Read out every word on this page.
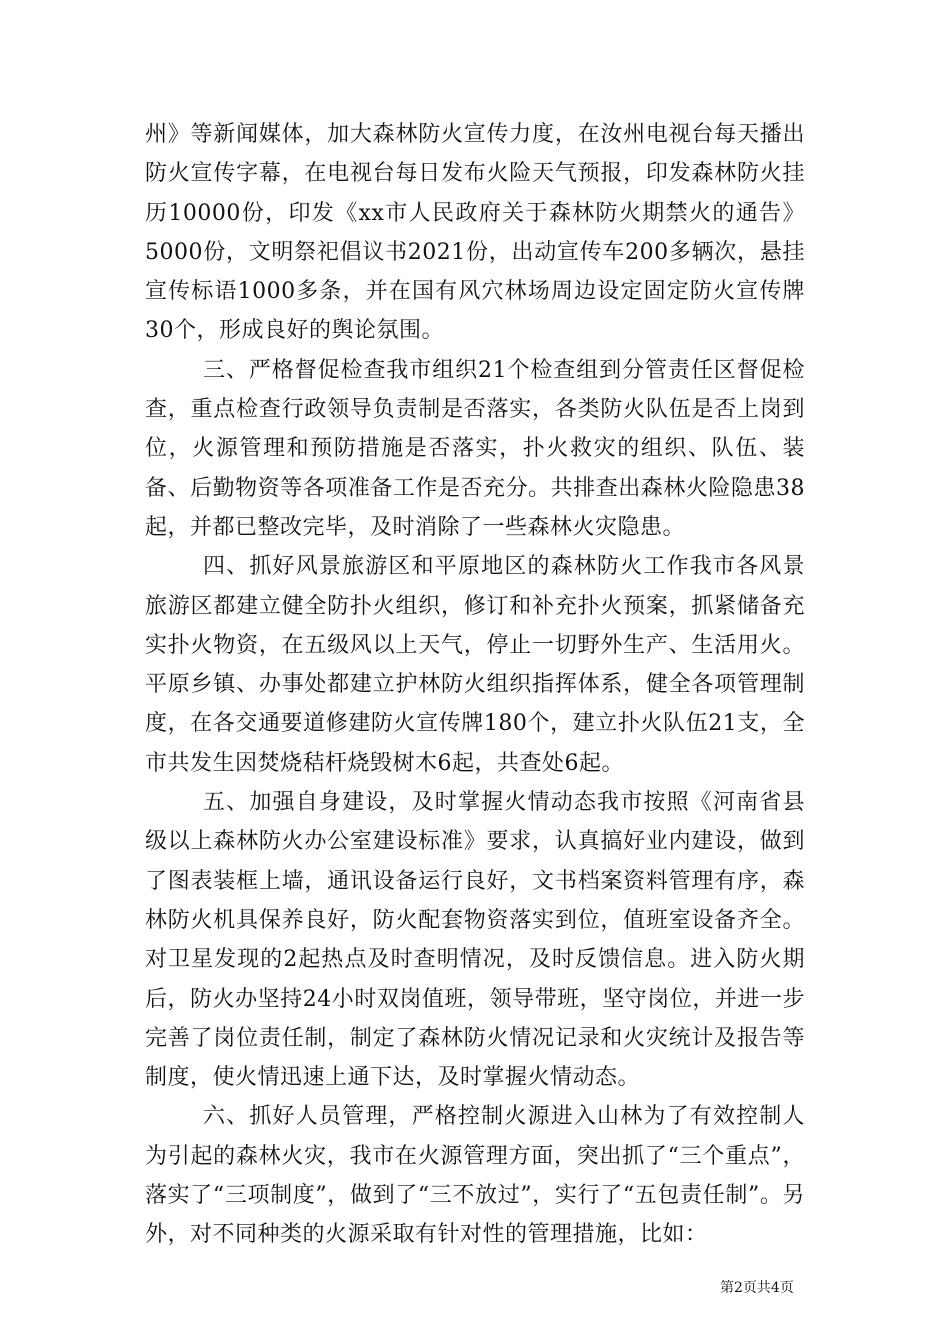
州》等新闻媒体，加大森林防火宣传力度，在汝州电视台每天播出防火宣传字幕，在电视台每日发布火险天气预报，印发森林防火挂历10000份，印发《xx市人民政府关于森林防火期禁火的通告》5000份，文明祭祀倡议书2021份，出动宣传车200多辆次，悬挂宣传标语1000多条，并在国有风穴林场周边设定固定防火宣传牌30个，形成良好的舆论氛围。

三、严格督促检查我市组织21个检查组到分管责任区督促检查，重点检查行政领导负责制是否落实，各类防火队伍是否上岗到位，火源管理和预防措施是否落实，扑火救灾的组织、队伍、装备、后勤物资等各项准备工作是否充分。共排查出森林火险隐患38起，并都已整改完毕，及时消除了一些森林火灾隐患。

四、抓好风景旅游区和平原地区的森林防火工作我市各风景旅游区都建立健全防扑火组织，修订和补充扑火预案，抓紧储备充实扑火物资，在五级风以上天气，停止一切野外生产、生活用火。平原乡镇、办事处都建立护林防火组织指挥体系，健全各项管理制度，在各交通要道修建防火宣传牌180个，建立扑火队伍21支，全市共发生因焚烧秸杆烧毁树木6起，共查处6起。

五、加强自身建设，及时掌握火情动态我市按照《河南省县级以上森林防火办公室建设标准》要求，认真搞好业内建设，做到了图表装框上墙，通讯设备运行良好，文书档案资料管理有序，森林防火机具保养良好，防火配套物资落实到位，值班室设备齐全。对卫星发现的2起热点及时查明情况，及时反馈信息。进入防火期后，防火办坚持24小时双岗值班，领导带班，坚守岗位，并进一步完善了岗位责任制，制定了森林防火情况记录和火灾统计及报告等制度，使火情迅速上通下达，及时掌握火情动态。

六、抓好人员管理，严格控制火源进入山林为了有效控制人为引起的森林火灾，我市在火源管理方面，突出抓了“三个重点”，落实了“三项制度”，做到了“三不放过”，实行了“五包责任制”。另外，对不同种类的火源采取有针对性的管理措施，比如：

第2页共4页
